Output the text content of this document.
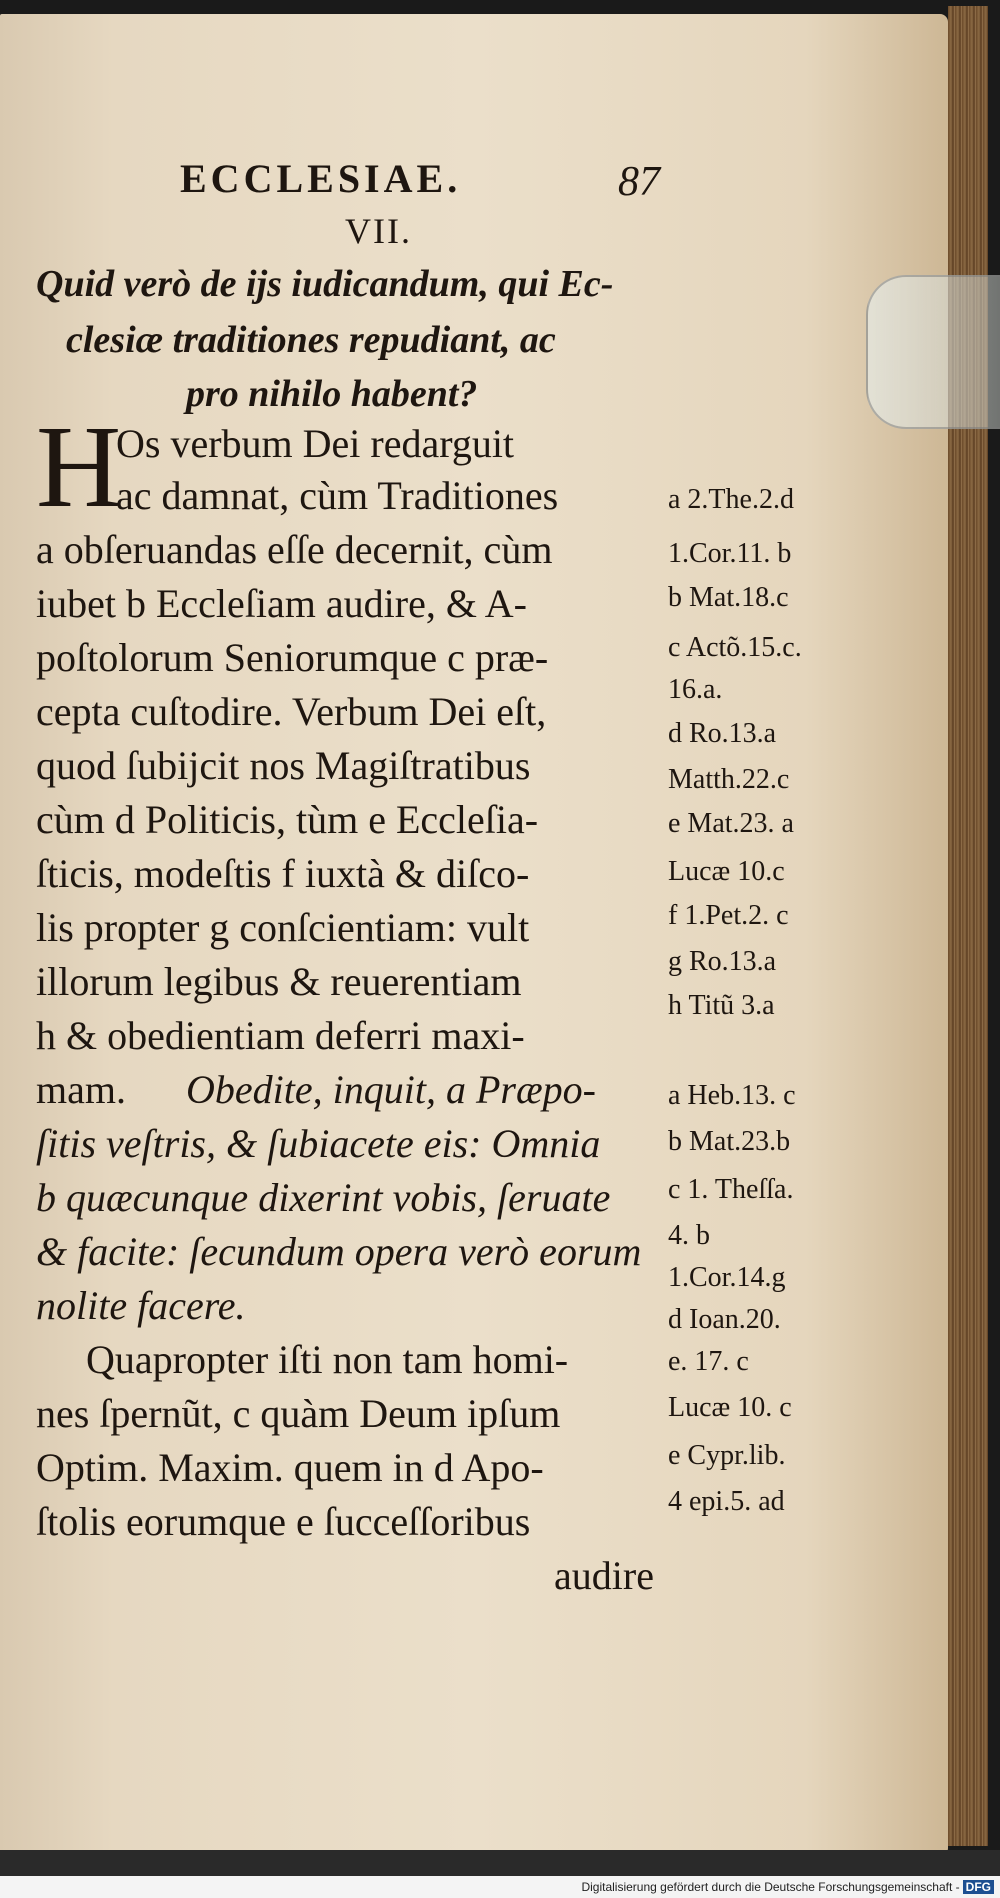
ECCLESIAE.	87
VII.
Quid verò de ijs iudicandum, qui Ec-
clesiæ traditiones repudiant, ac
pro nihilo habent?
H
Os verbum Dei redarguit
ac damnat, cùm Traditiones
a obſeruandas eſſe decernit, cùm
iubet b Eccleſiam audire, & A-
poſtolorum Seniorumque c præ-
cepta cuſtodire. Verbum Dei eſt,
quod ſubijcit nos Magiſtratibus
cùm d Politicis, tùm e Eccleſia-
ſticis, modeſtis f iuxtà & diſco-
lis propter g conſcientiam: vult
illorum legibus & reuerentiam
h & obedientiam deferri maxi-
mam. Obedite, inquit, a Præpo-
ſitis veſtris, & ſubiacete eis: Omnia
b quæcunque dixerint vobis, ſeruate
& facite: ſecundum opera verò eorum
nolite facere.
Quapropter iſti non tam homi-
nes ſpernũt, c quàm Deum ipſum
Optim. Maxim. quem in d Apo-
ſtolis eorumque e ſucceſſoribus
audire
a 2.The.2.d
1.Cor.11. b
b Mat.18.c
c Actõ.15.c.
16.a.
d Ro.13.a
Matth.22.c
e Mat.23. a
Lucæ 10.c
f 1.Pet.2. c
g Ro.13.a
h Titũ 3.a
a Heb.13. c
b Mat.23.b
c 1. Theſſa.
4. b
1.Cor.14.g
d Ioan.20.
e. 17. c
Lucæ 10. c
e Cypr.lib.
4 epi.5. ad
Digitalisierung gefördert durch die Deutsche Forschungsgemeinschaft - DFG
